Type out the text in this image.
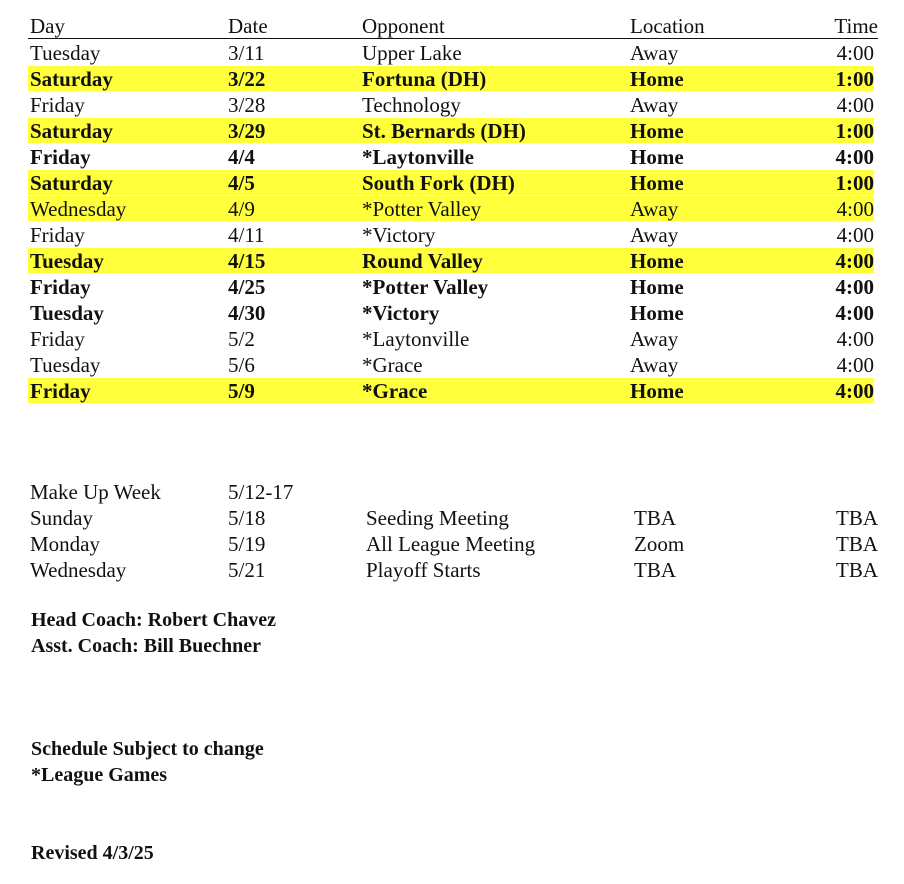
Day	Date	Opponent	Location	Time
Tuesday	3/11	Upper Lake	Away	4:00
Saturday	3/22	Fortuna (DH)	Home	1:00
Friday	3/28	Technology	Away	4:00
Saturday	3/29	St. Bernards (DH)	Home	1:00
Friday	4/4	*Laytonville	Home	4:00
Saturday	4/5	South Fork (DH)	Home	1:00
Wednesday	4/9	*Potter Valley	Away	4:00
Friday	4/11	*Victory	Away	4:00
Tuesday	4/15	Round Valley	Home	4:00
Friday	4/25	*Potter Valley	Home	4:00
Tuesday	4/30	*Victory	Home	4:00
Friday	5/2	*Laytonville	Away	4:00
Tuesday	5/6	*Grace	Away	4:00
Friday	5/9	*Grace	Home	4:00
Make Up Week	5/12-17
Sunday	5/18	Seeding Meeting	TBA	TBA
Monday	5/19	All League Meeting	Zoom	TBA
Wednesday	5/21	Playoff Starts	TBA	TBA
Head Coach: Robert Chavez
Asst. Coach: Bill Buechner
Schedule Subject to change
*League Games
Revised 4/3/25
